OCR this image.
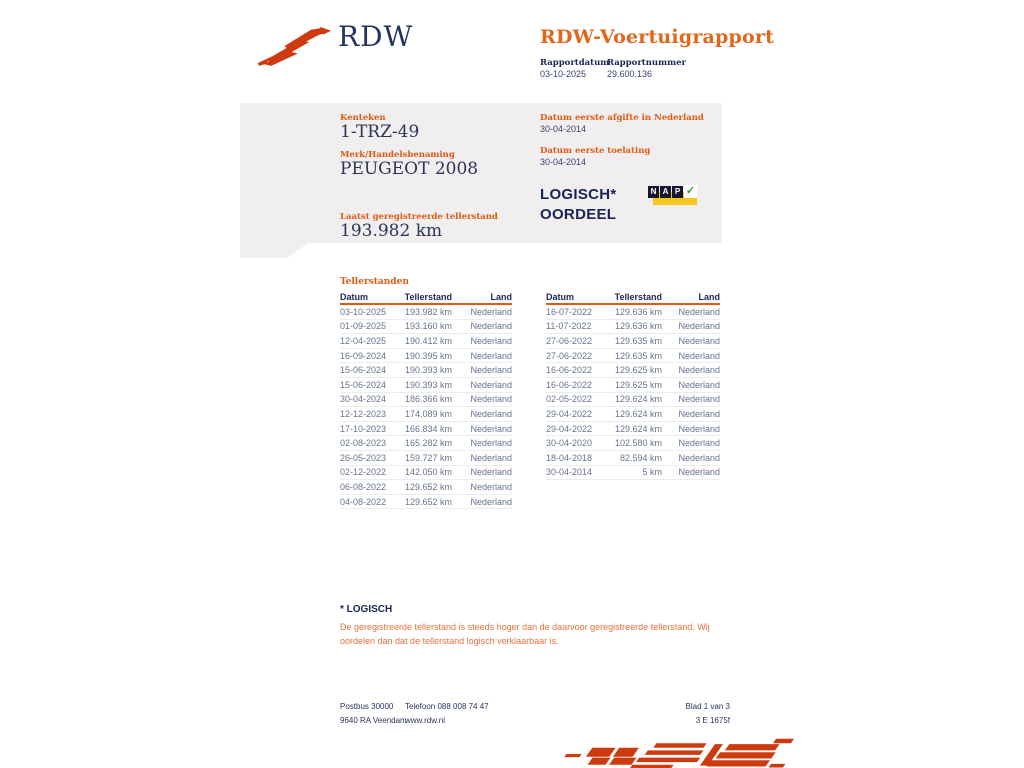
RDW	RDW-Voertuigrapport
Rapportdatum
Rapportnummer
03-10-2025 29.600.136
Kenteken
1-TRZ-49
Merk/Handelsbenaming
PEUGEOT 2008
Laatst geregistreerde tellerstand
193.982 km
Datum eerste afgifte in Nederland
30-04-2014
Datum eerste toelating
30-04-2014
LOGISCH*
OORDEEL
N A P ✓
Tellerstanden
Datum	Tellerstand	Land
03-10-2025	193.982 km	Nederland
01-09-2025	193.160 km	Nederland
12-04-2025	190.412 km	Nederland
16-09-2024	190.395 km	Nederland
15-06-2024	190.393 km	Nederland
15-06-2024	190.393 km	Nederland
30-04-2024	186.366 km	Nederland
12-12-2023	174.089 km	Nederland
17-10-2023	166.834 km	Nederland
02-08-2023	165.282 km	Nederland
26-05-2023	159.727 km	Nederland
02-12-2022	142.050 km	Nederland
06-08-2022	129.652 km	Nederland
04-08-2022	129.652 km	Nederland
Datum	Tellerstand	Land
16-07-2022	129.636 km	Nederland
11-07-2022	129.636 km	Nederland
27-06-2022	129.635 km	Nederland
27-06-2022	129.635 km	Nederland
16-06-2022	129.625 km	Nederland
16-06-2022	129.625 km	Nederland
02-05-2022	129.624 km	Nederland
29-04-2022	129.624 km	Nederland
29-04-2022	129.624 km	Nederland
30-04-2020	102.580 km	Nederland
18-04-2018	82.594 km	Nederland
30-04-2014	5 km	Nederland
* LOGISCH
De geregistreerde tellerstand is steeds hoger dan de daarvoor geregistreerde tellerstand. Wij oordelen dan dat de tellerstand logisch verklaarbaar is.
Postbus 30000
9640 RA Veendam
Telefoon 088 008 74 47
www.rdw.nl
Blad 1 van 3
3 E 1675f
